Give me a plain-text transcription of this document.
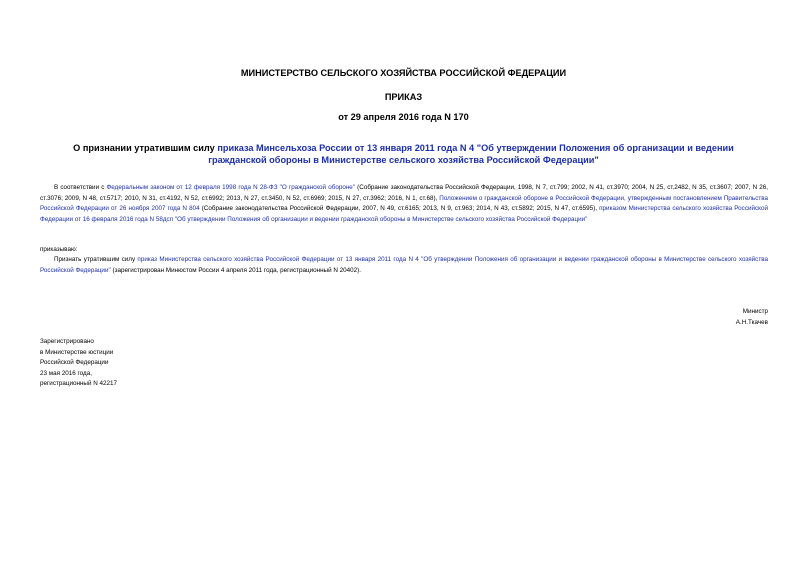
МИНИСТЕРСТВО СЕЛЬСКОГО ХОЗЯЙСТВА РОССИЙСКОЙ ФЕДЕРАЦИИ
ПРИКАЗ
от 29 апреля 2016 года N 170
О признании утратившим силу приказа Минсельхоза России от 13 января 2011 года N 4 "Об утверждении Положения об организации и ведении гражданской обороны в Министерстве сельского хозяйства Российской Федерации"
В соответствии с Федеральным законом от 12 февраля 1998 года N 28-ФЗ "О гражданской обороне" (Собрание законодательства Российской Федерации, 1998, N 7, ст.799; 2002, N 41, ст.3970; 2004, N 25, ст.2482, N 35, ст.3607; 2007, N 26, ст.3076; 2009, N 48, ст.5717; 2010, N 31, ст.4192, N 52, ст.6992; 2013, N 27, ст.3450, N 52, ст.6969; 2015, N 27, ст.3962; 2016, N 1, ст.68), Положением о гражданской обороне в Российской Федерации, утвержденным постановлением Правительства Российской Федерации от 26 ноября 2007 года N 804 (Собрание законодательства Российской Федерации, 2007, N 49, ст.6165; 2013, N 9, ст.963; 2014, N 43, ст.5892; 2015, N 47, ст.6595), приказом Министерства сельского хозяйства Российской Федерации от 16 февраля 2016 года N 58дсп "Об утверждении Положения об организации и ведении гражданской обороны в Министерстве сельского хозяйства Российской Федерации"
приказываю:
Признать утратившим силу приказ Министерства сельского хозяйства Российской Федерации от 13 января 2011 года N 4 "Об утверждении Положения об организации и ведении гражданской обороны в Министерстве сельского хозяйства Российской Федерации" (зарегистрирован Минюстом России 4 апреля 2011 года, регистрационный N 20402).
Министр
А.Н.Ткачев
Зарегистрировано
в Министерстве юстиции
Российской Федерации
23 мая 2016 года,
регистрационный N 42217
